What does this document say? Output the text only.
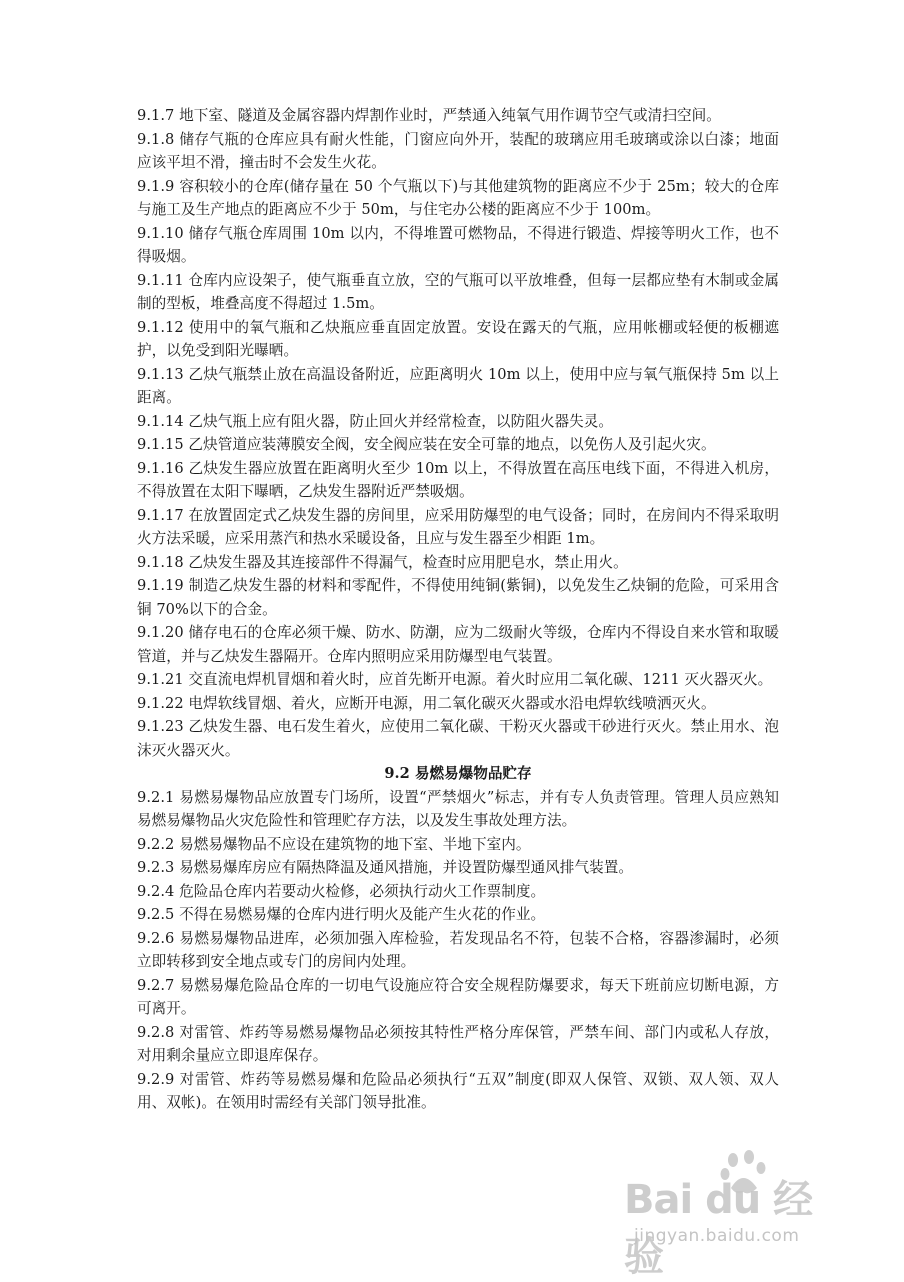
9.1.7 地下室、隧道及金属容器内焊割作业时，严禁通入纯氧气用作调节空气或清扫空间。

9.1.8 储存气瓶的仓库应具有耐火性能，门窗应向外开，装配的玻璃应用毛玻璃或涂以白漆；地面应该平坦不滑，撞击时不会发生火花。

9.1.9 容积较小的仓库(储存量在 50 个气瓶以下)与其他建筑物的距离应不少于 25m；较大的仓库与施工及生产地点的距离应不少于 50m，与住宅办公楼的距离应不少于 100m。

9.1.10 储存气瓶仓库周围 10m 以内，不得堆置可燃物品，不得进行锻造、焊接等明火工作，也不得吸烟。

9.1.11 仓库内应设架子，使气瓶垂直立放，空的气瓶可以平放堆叠，但每一层都应垫有木制或金属制的型板，堆叠高度不得超过 1.5m。

9.1.12 使用中的氧气瓶和乙炔瓶应垂直固定放置。安设在露天的气瓶，应用帐棚或轻便的板棚遮护，以免受到阳光曝晒。

9.1.13 乙炔气瓶禁止放在高温设备附近，应距离明火 10m 以上，使用中应与氧气瓶保持 5m 以上距离。

9.1.14 乙炔气瓶上应有阻火器，防止回火并经常检查，以防阻火器失灵。

9.1.15 乙炔管道应装薄膜安全阀，安全阀应装在安全可靠的地点，以免伤人及引起火灾。

9.1.16 乙炔发生器应放置在距离明火至少 10m 以上，不得放置在高压电线下面，不得进入机房，不得放置在太阳下曝晒，乙炔发生器附近严禁吸烟。

9.1.17 在放置固定式乙炔发生器的房间里，应采用防爆型的电气设备；同时，在房间内不得采取明火方法采暖，应采用蒸汽和热水采暖设备，且应与发生器至少相距 1m。

9.1.18 乙炔发生器及其连接部件不得漏气，检查时应用肥皂水，禁止用火。

9.1.19 制造乙炔发生器的材料和零配件，不得使用纯铜(紫铜)，以免发生乙炔铜的危险，可采用含铜 70%以下的合金。

9.1.20 储存电石的仓库必须干燥、防水、防潮，应为二级耐火等级，仓库内不得设自来水管和取暖管道，并与乙炔发生器隔开。仓库内照明应采用防爆型电气装置。

9.1.21 交直流电焊机冒烟和着火时，应首先断开电源。着火时应用二氧化碳、1211 灭火器灭火。

9.1.22 电焊软线冒烟、着火，应断开电源，用二氧化碳灭火器或水沿电焊软线喷洒灭火。

9.1.23 乙炔发生器、电石发生着火，应使用二氧化碳、干粉灭火器或干砂进行灭火。禁止用水、泡沫灭火器灭火。

9.2 易燃易爆物品贮存

9.2.1 易燃易爆物品应放置专门场所，设置“严禁烟火”标志，并有专人负责管理。管理人员应熟知易燃易爆物品火灾危险性和管理贮存方法，以及发生事故处理方法。

9.2.2 易燃易爆物品不应设在建筑物的地下室、半地下室内。

9.2.3 易燃易爆库房应有隔热降温及通风措施，并设置防爆型通风排气装置。

9.2.4 危险品仓库内若要动火检修，必须执行动火工作票制度。

9.2.5 不得在易燃易爆的仓库内进行明火及能产生火花的作业。

9.2.6 易燃易爆物品进库，必须加强入库检验，若发现品名不符，包装不合格，容器渗漏时，必须立即转移到安全地点或专门的房间内处理。

9.2.7 易燃易爆危险品仓库的一切电气设施应符合安全规程防爆要求，每天下班前应切断电源，方可离开。

9.2.8 对雷管、炸药等易燃易爆物品必须按其特性严格分库保管，严禁车间、部门内或私人存放，对用剩余量应立即退库保存。

9.2.9 对雷管、炸药等易燃易爆和危险品必须执行“五双”制度(即双人保管、双锁、双人领、双人用、双帐)。在领用时需经有关部门领导批准。

Bai du 经验
jingyan.baidu.com
